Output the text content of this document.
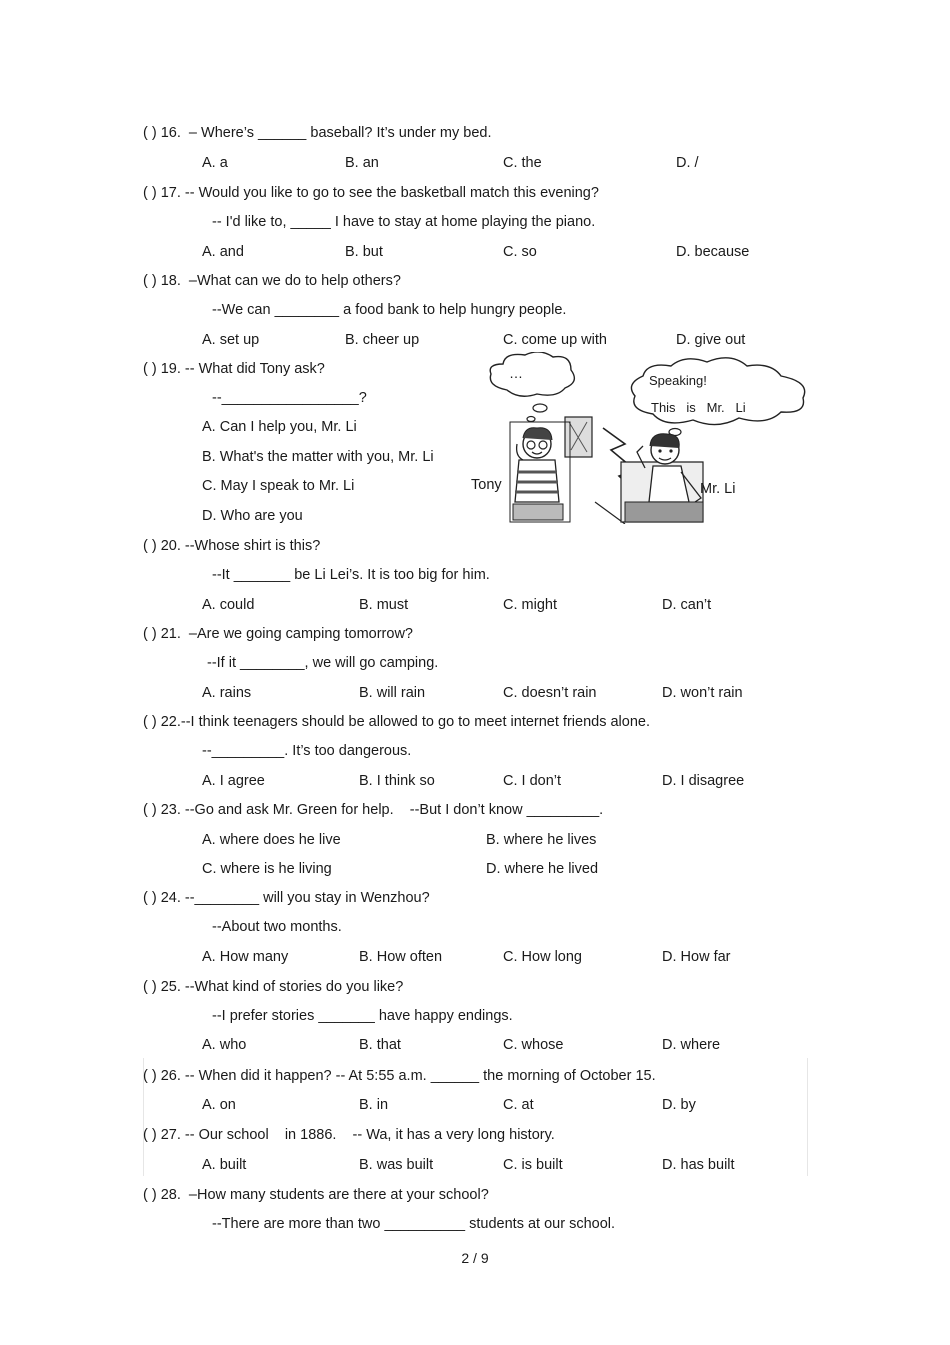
( ) 16.  – Where’s ______ baseball? It’s under my bed.
A. a	B. an	C. the	D. /
( ) 17. -- Would you like to go to see the basketball match this evening?
-- I'd like to, _____ I have to stay at home playing the piano.
A. and	B. but	C. so	D. because
( ) 18.  –What can we do to help others?
--We can ________ a food bank to help hungry people.
A. set up	B. cheer up	C. come up with	D. give out
( ) 19. -- What did Tony ask?
--_________________?
A. Can I help you, Mr. Li
B. What's the matter with you, Mr. Li
C. May I speak to Mr. Li
D. Who are you
…	Speaking!
This   is   Mr.   Li
Tony	Mr. Li
( ) 20. --Whose shirt is this?
--It _______ be Li Lei’s. It is too big for him.
A. could	B. must	C. might	D. can’t
( ) 21.  –Are we going camping tomorrow?
--If it ________, we will go camping.
A. rains	B. will rain	C. doesn’t rain	D. won’t rain
( ) 22.--I think teenagers should be allowed to go to meet internet friends alone.
--_________. It’s too dangerous.
A. I agree	B. I think so	C. I don’t	D. I disagree
( ) 23. --Go and ask Mr. Green for help.    --But I don’t know _________.
A. where does he live	B. where he lives
C. where is he living	D. where he lived
( ) 24. --________ will you stay in Wenzhou?
--About two months.
A. How many	B. How often	C. How long	D. How far
( ) 25. --What kind of stories do you like?
--I prefer stories _______ have happy endings.
A. who	B. that	C. whose	D. where
( ) 26. -- When did it happen? -- At 5:55 a.m. ______ the morning of October 15.
A. on	B. in	C. at	D. by
( ) 27. -- Our school    in 1886.    -- Wa, it has a very long history.
A. built	B. was built	C. is built	D. has built
( ) 28.  –How many students are there at your school?
--There are more than two __________ students at our school.
2 / 9
